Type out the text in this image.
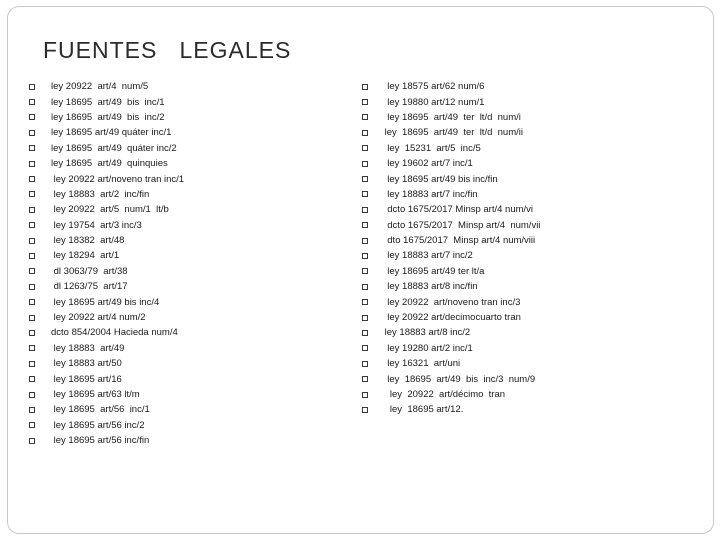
FUENTES   LEGALES
ley 20922  art/4  num/5
ley 18695  art/49  bis  inc/1
ley 18695  art/49  bis  inc/2
ley 18695 art/49 quáter inc/1
ley 18695  art/49  quáter inc/2
ley 18695  art/49  quinquies
ley 20922 art/noveno tran inc/1
ley 18883  art/2  inc/fin
ley 20922  art/5  num/1  lt/b
ley 19754  art/3 inc/3
ley 18382  art/48
ley 18294  art/1
dl 3063/79  art/38
dl 1263/75  art/17
ley 18695 art/49 bis inc/4
ley 20922 art/4 num/2
dcto 854/2004 Hacieda num/4
ley 18883  art/49
ley 18883 art/50
ley 18695 art/16
ley 18695 art/63 lt/m
ley 18695  art/56  inc/1
ley 18695 art/56 inc/2
ley 18695 art/56 inc/fin
ley 18575 art/62 num/6
ley 19880 art/12 num/1
ley 18695  art/49  ter  lt/d  num/i
ley  18695  art/49  ter  lt/d  num/ii
ley  15231  art/5  inc/5
ley 19602 art/7 inc/1
ley 18695 art/49 bis inc/fin
ley 18883 art/7 inc/fin
dcto 1675/2017 Minsp art/4 num/vi
dcto 1675/2017  Minsp art/4  num/vii
dto 1675/2017  Minsp art/4 num/viii
ley 18883 art/7 inc/2
ley 18695 art/49 ter lt/a
ley 18883 art/8 inc/fin
ley 20922  art/noveno tran inc/3
ley 20922 art/decimocuarto tran
ley 18883 art/8 inc/2
ley 19280 art/2 inc/1
ley 16321  art/uni
ley  18695  art/49  bis  inc/3  num/9
ley  20922  art/décimo  tran
ley  18695 art/12.
